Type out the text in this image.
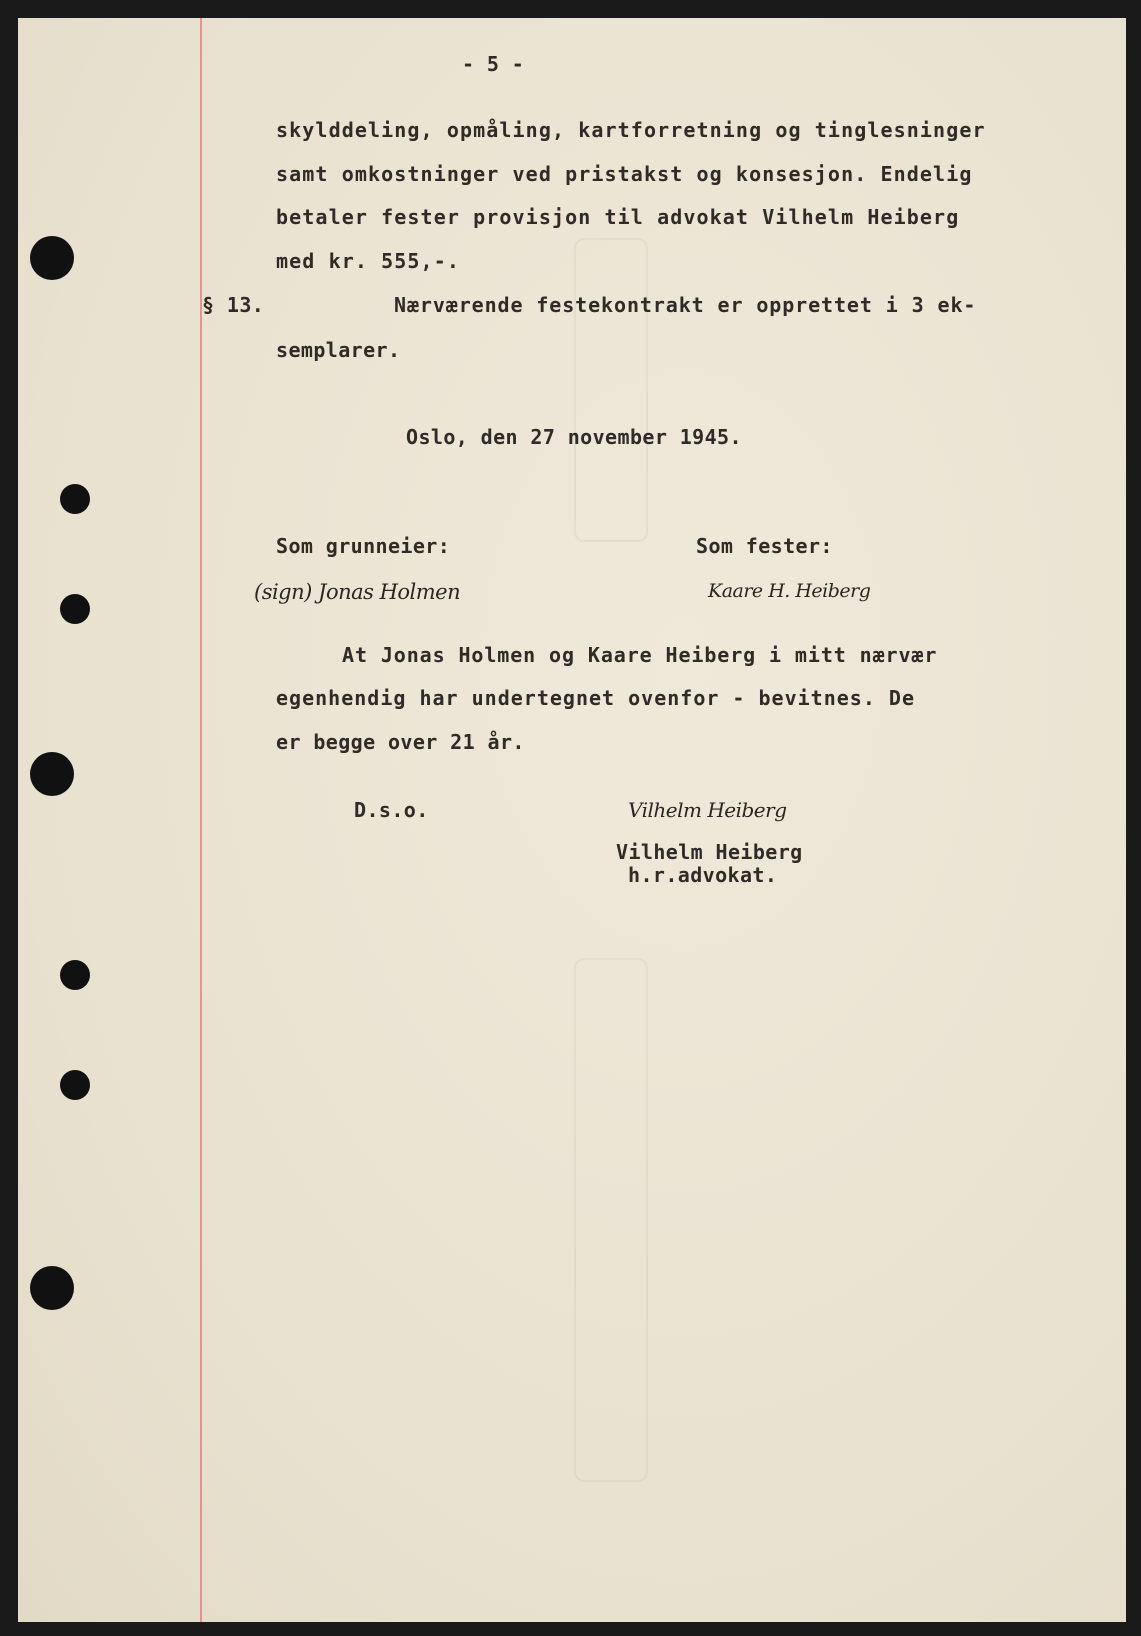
- 5 -
skylddeling, opmåling, kartforretning og tinglesninger
samt omkostninger ved pristakst og konsesjon. Endelig
betaler fester provisjon til advokat Vilhelm Heiberg
med kr. 555,-.
§ 13.	Nærværende festekontrakt er opprettet i 3 ek-
semplarer.
Oslo, den 27 november 1945.
Som grunneier:	Som fester:
(sign) Jonas Holmen	Kaare H. Heiberg
At Jonas Holmen og Kaare Heiberg i mitt nærvær
egenhendig har undertegnet ovenfor - bevitnes. De
er begge over 21 år.
D.s.o.	Vilhelm Heiberg
Vilhelm Heiberg
h.r.advokat.
